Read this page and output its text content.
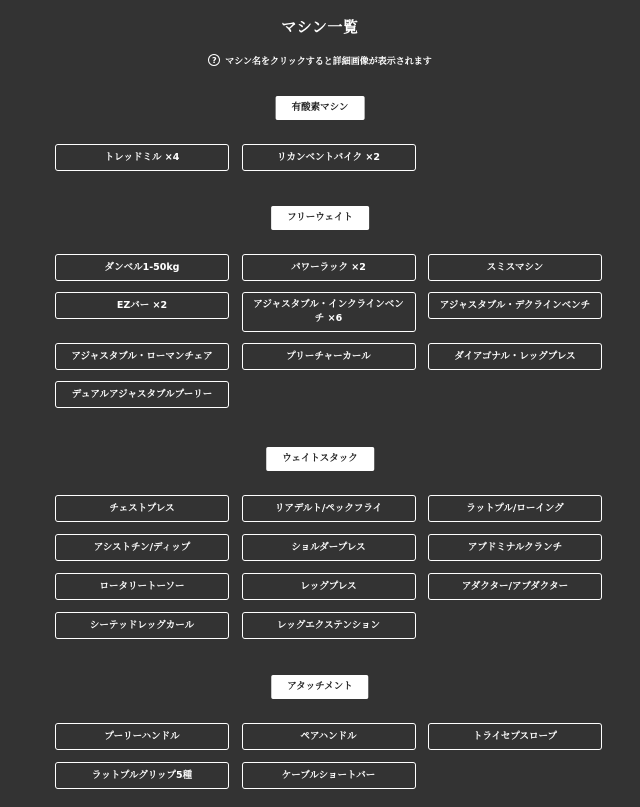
マシン一覧
? マシン名をクリックすると詳細画像が表示されます
有酸素マシン
トレッドミル ×4	リカンベントバイク ×2
フリーウェイト
ダンベル1-50kg	パワーラック ×2	スミスマシン
EZバー ×2	アジャスタブル・インクラインベンチ ×6
アジャスタブル・デクラインベンチ
アジャスタブル・ローマンチェア	プリーチャーカール	ダイアゴナル・レッグプレス
デュアルアジャスタブルプーリー
ウェイトスタック
チェストプレス	リアデルト/ペックフライ	ラットプル/ローイング
アシストチン/ディップ	ショルダープレス	アブドミナルクランチ
ロータリートーソー	レッグプレス	アダクター/アブダクター
シーテッドレッグカール	レッグエクステンション
アタッチメント
プーリーハンドル	ペアハンドル	トライセプスロープ
ラットプルグリップ5種	ケーブルショートバー
